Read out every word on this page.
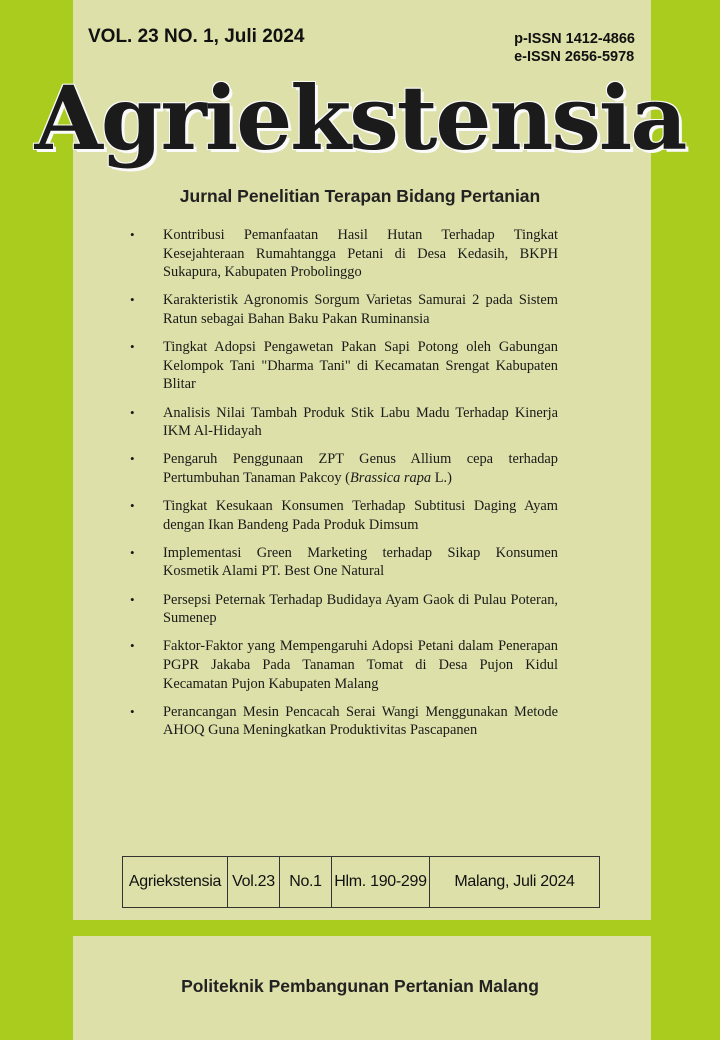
VOL. 23 NO. 1, Juli 2024	p-ISSN 1412-4866
e-ISSN 2656-5978
Agriekstensia
Jurnal Penelitian Terapan Bidang Pertanian
• Kontribusi Pemanfaatan Hasil Hutan Terhadap Tingkat Kesejahteraan Rumahtangga Petani di Desa Kedasih, BKPH Sukapura, Kabupaten Probolinggo
• Karakteristik Agronomis Sorgum Varietas Samurai 2 pada Sistem Ratun sebagai Bahan Baku Pakan Ruminansia
• Tingkat Adopsi Pengawetan Pakan Sapi Potong oleh Gabungan Kelompok Tani "Dharma Tani" di Kecamatan Srengat Kabupaten Blitar
• Analisis Nilai Tambah Produk Stik Labu Madu Terhadap Kinerja IKM Al-Hidayah
• Pengaruh Penggunaan ZPT Genus Allium cepa terhadap Pertumbuhan Tanaman Pakcoy (Brassica rapa L.)
• Tingkat Kesukaan Konsumen Terhadap Subtitusi Daging Ayam dengan Ikan Bandeng Pada Produk Dimsum
• Implementasi Green Marketing terhadap Sikap Konsumen Kosmetik Alami PT. Best One Natural
• Persepsi Peternak Terhadap Budidaya Ayam Gaok di Pulau Poteran, Sumenep
• Faktor-Faktor yang Mempengaruhi Adopsi Petani dalam Penerapan PGPR Jakaba Pada Tanaman Tomat di Desa Pujon Kidul Kecamatan Pujon Kabupaten Malang
• Perancangan Mesin Pencacah Serai Wangi Menggunakan Metode AHOQ Guna Meningkatkan Produktivitas Pascapanen
Agriekstensia Vol.23 No.1 Hlm. 190-299	Malang, Juli 2024
Politeknik Pembangunan Pertanian Malang
